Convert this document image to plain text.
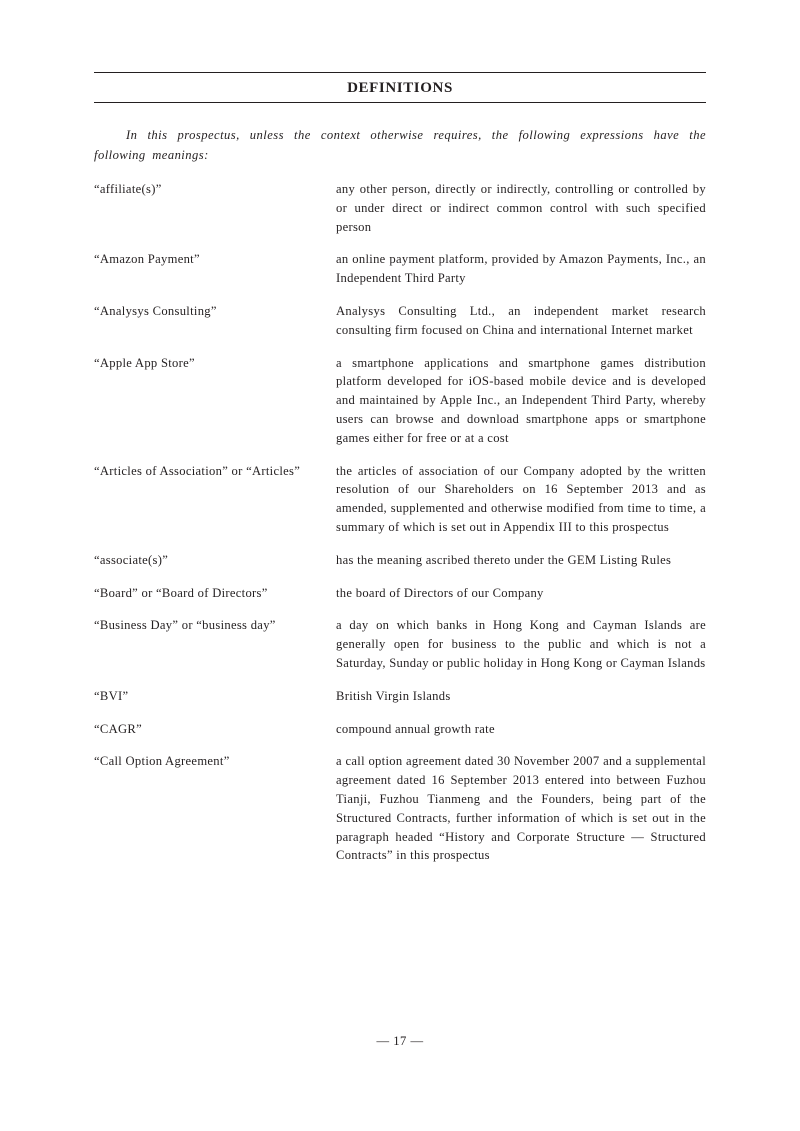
DEFINITIONS

In this prospectus, unless the context otherwise requires, the following expressions have the following meanings:

“affiliate(s)”	any other person, directly or indirectly, controlling or controlled by or under direct or indirect common control with such specified person
“Amazon Payment”	an online payment platform, provided by Amazon Payments, Inc., an Independent Third Party
“Analysys Consulting”	Analysys Consulting Ltd., an independent market research consulting firm focused on China and international Internet market
“Apple App Store”	a smartphone applications and smartphone games distribution platform developed for iOS-based mobile device and is developed and maintained by Apple Inc., an Independent Third Party, whereby users can browse and download smartphone apps or smartphone games either for free or at a cost
“Articles of Association” or “Articles”	the articles of association of our Company adopted by the written resolution of our Shareholders on 16 September 2013 and as amended, supplemented and otherwise modified from time to time, a summary of which is set out in Appendix III to this prospectus
“associate(s)”	has the meaning ascribed thereto under the GEM Listing Rules
“Board” or “Board of Directors”	the board of Directors of our Company
“Business Day” or “business day”	a day on which banks in Hong Kong and Cayman Islands are generally open for business to the public and which is not a Saturday, Sunday or public holiday in Hong Kong or Cayman Islands
“BVI”	British Virgin Islands
“CAGR”	compound annual growth rate
“Call Option Agreement”	a call option agreement dated 30 November 2007 and a supplemental agreement dated 16 September 2013 entered into between Fuzhou Tianji, Fuzhou Tianmeng and the Founders, being part of the Structured Contracts, further information of which is set out in the paragraph headed “History and Corporate Structure — Structured Contracts” in this prospectus
— 17 —
